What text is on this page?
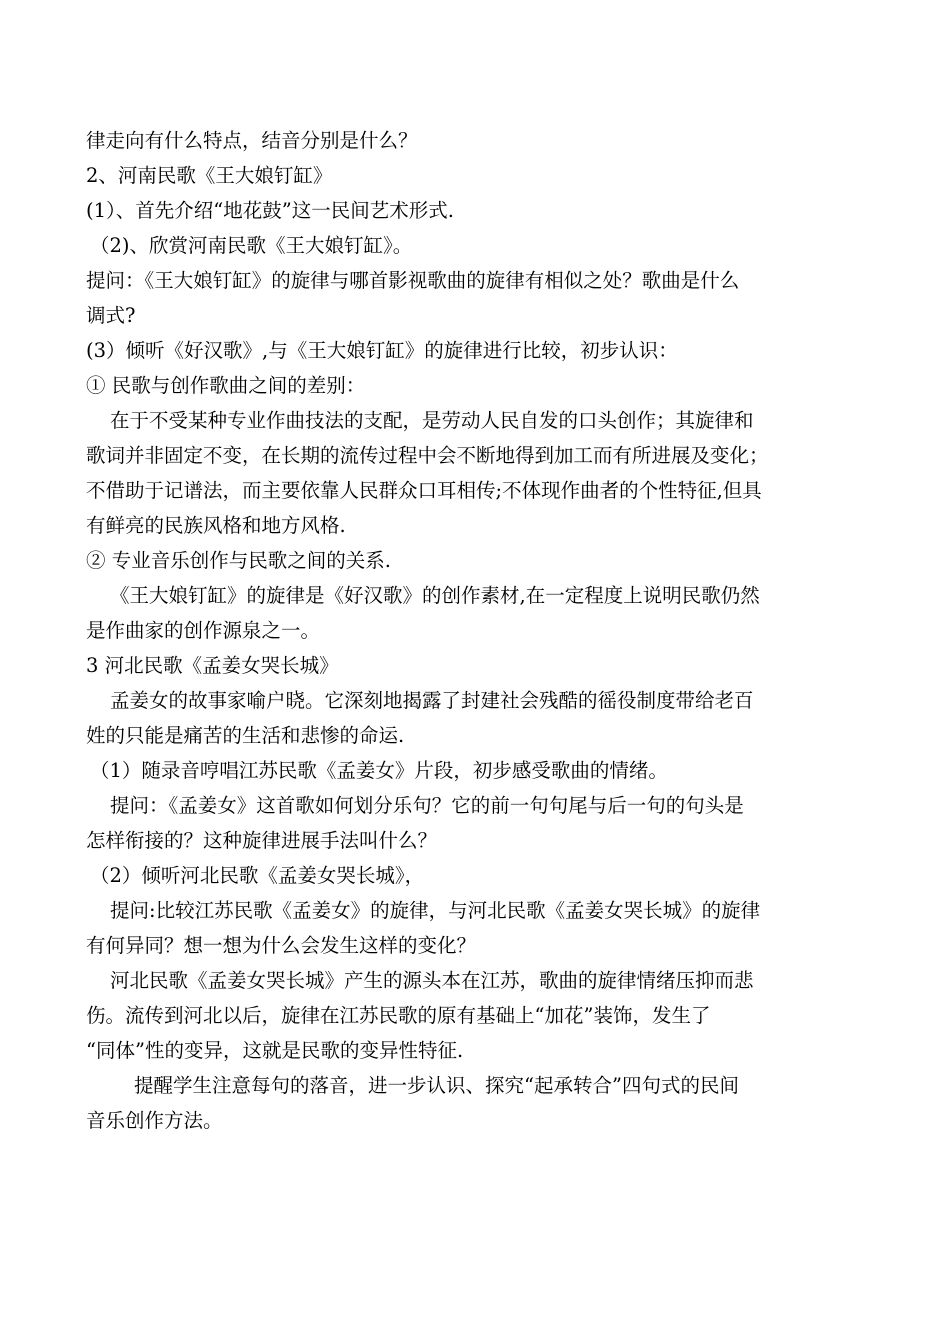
律走向有什么特点，结音分别是什么？
2、河南民歌《王大娘钉缸》
(1）、首先介绍“地花鼓”这一民间艺术形式.
（2)、欣赏河南民歌《王大娘钉缸》。
提问：《王大娘钉缸》的旋律与哪首影视歌曲的旋律有相似之处？歌曲是什么
调式?
(3）倾听《好汉歌》,与《王大娘钉缸》的旋律进行比较，初步认识：
① 民歌与创作歌曲之间的差别：
在于不受某种专业作曲技法的支配，是劳动人民自发的口头创作；其旋律和
歌词并非固定不变，在长期的流传过程中会不断地得到加工而有所进展及变化；
不借助于记谱法，而主要依靠人民群众口耳相传;不体现作曲者的个性特征,但具
有鲜亮的民族风格和地方风格.
② 专业音乐创作与民歌之间的关系.
《王大娘钉缸》的旋律是《好汉歌》的创作素材,在一定程度上说明民歌仍然
是作曲家的创作源泉之一。
3 河北民歌《孟姜女哭长城》
孟姜女的故事家喻户晓。它深刻地揭露了封建社会残酷的徭役制度带给老百
姓的只能是痛苦的生活和悲惨的命运.
（1）随录音哼唱江苏民歌《孟姜女》片段，初步感受歌曲的情绪。
提问：《孟姜女》这首歌如何划分乐句？它的前一句句尾与后一句的句头是
怎样衔接的？这种旋律进展手法叫什么？
（2）倾听河北民歌《孟姜女哭长城》，
提问:比较江苏民歌《孟姜女》的旋律，与河北民歌《孟姜女哭长城》的旋律
有何异同？想一想为什么会发生这样的变化？
河北民歌《孟姜女哭长城》产生的源头本在江苏，歌曲的旋律情绪压抑而悲
伤。流传到河北以后，旋律在江苏民歌的原有基础上“加花”装饰，发生了
“同体”性的变异，这就是民歌的变异性特征.
提醒学生注意每句的落音，进一步认识、探究“起承转合”四句式的民间
音乐创作方法。
